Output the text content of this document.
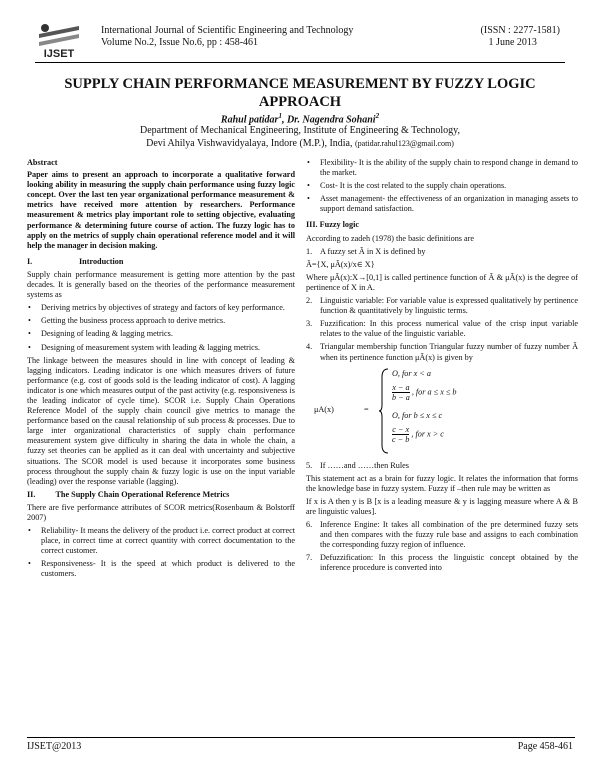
IJSET
International Journal of Scientific Engineering and Technology
Volume No.2, Issue No.6, pp : 458-461
(ISSN : 2277-1581)
1 June 2013
SUPPLY CHAIN PERFORMANCE MEASUREMENT BY FUZZY LOGIC APPROACH
Rahul patidar$^1$, Dr. Nagendra Sohani$^2$
Department of Mechanical Engineering, Institute of Engineering & Technology,
Devi Ahilya Vishwavidyalaya, Indore (M.P.), India, (patidar.rahul123@gmail.com)
Abstract

Paper aims to present an approach to incorporate a qualitative forward looking ability in measuring the supply chain performance using fuzzy logic concept. Over the last ten year organizational performance measurement & metrics have received more attention by researchers. Performance measurement & metrics play important role to setting objective, evaluating performance & determining future course of action. The fuzzy logic has to apply on the metrics of supply chain operational reference model and it will help the manager in decision making.

I.	Introduction

Supply chain performance measurement is getting more attention by the past decades. It is generally based on the theories of the performance measurement systems as

• Deriving metrics by objectives of strategy and factors of key performance.
• Getting the business process approach to derive metrics.
• Designing of leading & lagging metrics.
• Designing of measurement system with leading & lagging metrics.

The linkage between the measures should in line with concept of leading & lagging indicators. Leading indicator is one which measures drivers of future performance (e.g. cost of goods sold is the leading indicator of cost). A lagging indicator is one which measures output of the past activity (e.g. responsiveness is the leading indicator of cycle time). SCOR i.e. Supply Chain Operations Reference Model of the supply chain council give metrics to manage the performance based on the causal relationship of sub process & processes. Due to large inter organizational characteristics of supply chain performance measurement system give difficulty in sharing the data in whole the chain, a fuzzy set theories can be applied as it can deal with uncertainty and subjective situations. The SCOR model is used because it incorporates some business process throughout the supply chain & fuzzy logic is use on the input variable (leading) over the response variable (lagging).

II. The Supply Chain Operational Reference Metrics

There are five performance attributes of SCOR metrics(Rosenbaum & Bolstorff 2007)

• Reliability- It means the delivery of the product i.e. correct product at correct place, in correct time at correct quantity with correct documentation to the correct customer.
• Responsiveness- It is the speed at which product is delivered to the customers.
• Flexibility- It is the ability of the supply chain to respond change in demand to the market.
• Cost- It is the cost related to the supply chain operations.
• Asset management- the effectiveness of an organization in managing assets to support demand satisfaction.
III. Fuzzy logic

According to zadeh (1978) the basic definitions are

1. A fuzzy set Ã in X is defined by

Ã={X, μÃ(x)/x∈ X}

Where μÃ(x):X→[0,1] is called pertinence function of Ã & μÃ(x) is the degree of pertinence of X in A.

2. Linguistic variable: For variable value is expressed qualitatively by pertinence function & quantitatively by linguistic terms.
3. Fuzzification: In this process numerical value of the crisp input variable relates to the value of the linguistic variable.
4. Triangular membership function Triangular fuzzy number of fuzzy number Ã when its pertinence function μÃ(x) is given by
μA(x)	=
O, for x < a
$\frac{x - a}{b - a}$ , for a ≤ x ≤ b
O, for b ≤ x ≤ c
$\frac{c - x}{c - b}$ , for x > c
5. If ……and ……then Rules

This statement act as a brain for fuzzy logic. It relates the information that forms the knowledge base in fuzzy system. Fuzzy if –then rule may be written as

If x is A then y is B [x is a leading measure & y is lagging measure where A & B are linguistic values].

6. Inference Engine: It takes all combination of the pre determined fuzzy sets and then compares with the fuzzy rule base and assigns to each combination the corresponding fuzzy region of influence.
7. Defuzzification: In this process the linguistic concept obtained by the inference procedure is converted into
IJSET@2013	Page 458-461
